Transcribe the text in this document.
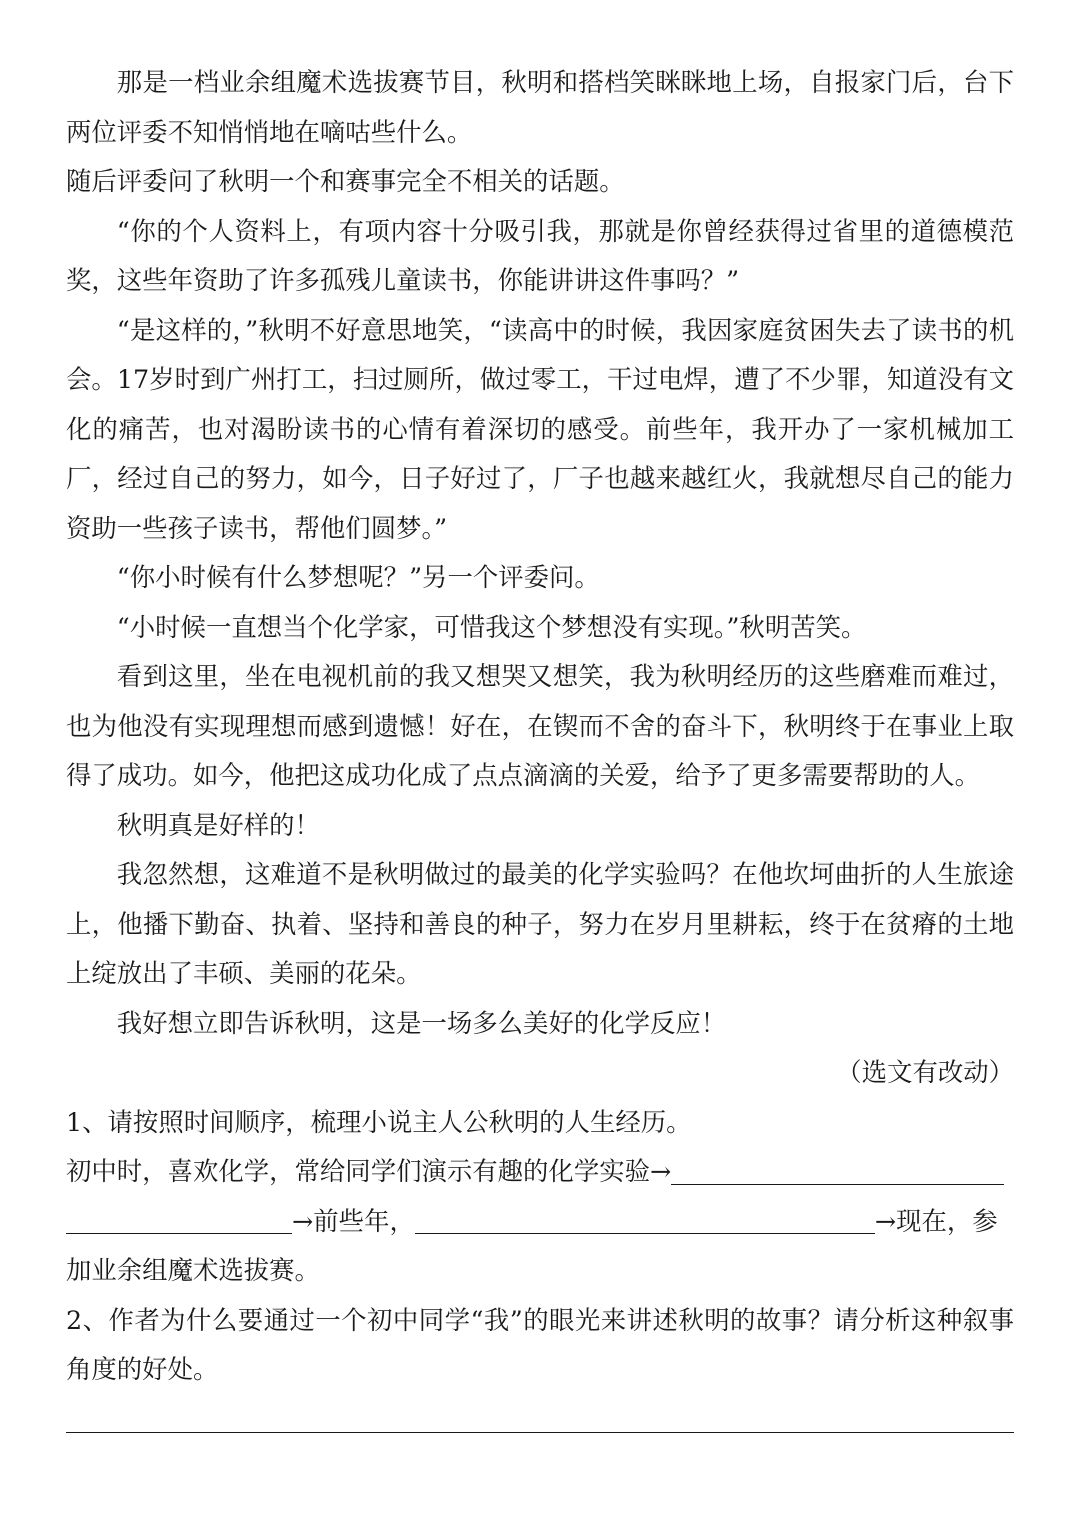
那是一档业余组魔术选拔赛节目，秋明和搭档笑眯眯地上场，自报家门后，台下两位评委不知悄悄地在嘀咕些什么。

随后评委问了秋明一个和赛事完全不相关的话题。

“你的个人资料上，有项内容十分吸引我，那就是你曾经获得过省里的道德模范奖，这些年资助了许多孤残儿童读书，你能讲讲这件事吗？”

“是这样的，”秋明不好意思地笑，“读高中的时候，我因家庭贫困失去了读书的机会。17岁时到广州打工，扫过厕所，做过零工，干过电焊，遭了不少罪，知道没有文化的痛苦，也对渴盼读书的心情有着深切的感受。前些年，我开办了一家机械加工厂，经过自己的努力，如今，日子好过了，厂子也越来越红火，我就想尽自己的能力资助一些孩子读书，帮他们圆梦。”

“你小时候有什么梦想呢？”另一个评委问。

“小时候一直想当个化学家，可惜我这个梦想没有实现。”秋明苦笑。

看到这里，坐在电视机前的我又想哭又想笑，我为秋明经历的这些磨难而难过，也为他没有实现理想而感到遗憾！好在，在锲而不舍的奋斗下，秋明终于在事业上取得了成功。如今，他把这成功化成了点点滴滴的关爱，给予了更多需要帮助的人。

秋明真是好样的！

我忽然想，这难道不是秋明做过的最美的化学实验吗？在他坎坷曲折的人生旅途上，他播下勤奋、执着、坚持和善良的种子，努力在岁月里耕耘，终于在贫瘠的土地上绽放出了丰硕、美丽的花朵。

我好想立即告诉秋明，这是一场多么美好的化学反应！

（选文有改动）

1、请按照时间顺序，梳理小说主人公秋明的人生经历。

初中时，喜欢化学，常给同学们演示有趣的化学实验→

→前些年，	→现在，参

加业余组魔术选拔赛。

2、作者为什么要通过一个初中同学“我”的眼光来讲述秋明的故事？请分析这种叙事角度的好处。
